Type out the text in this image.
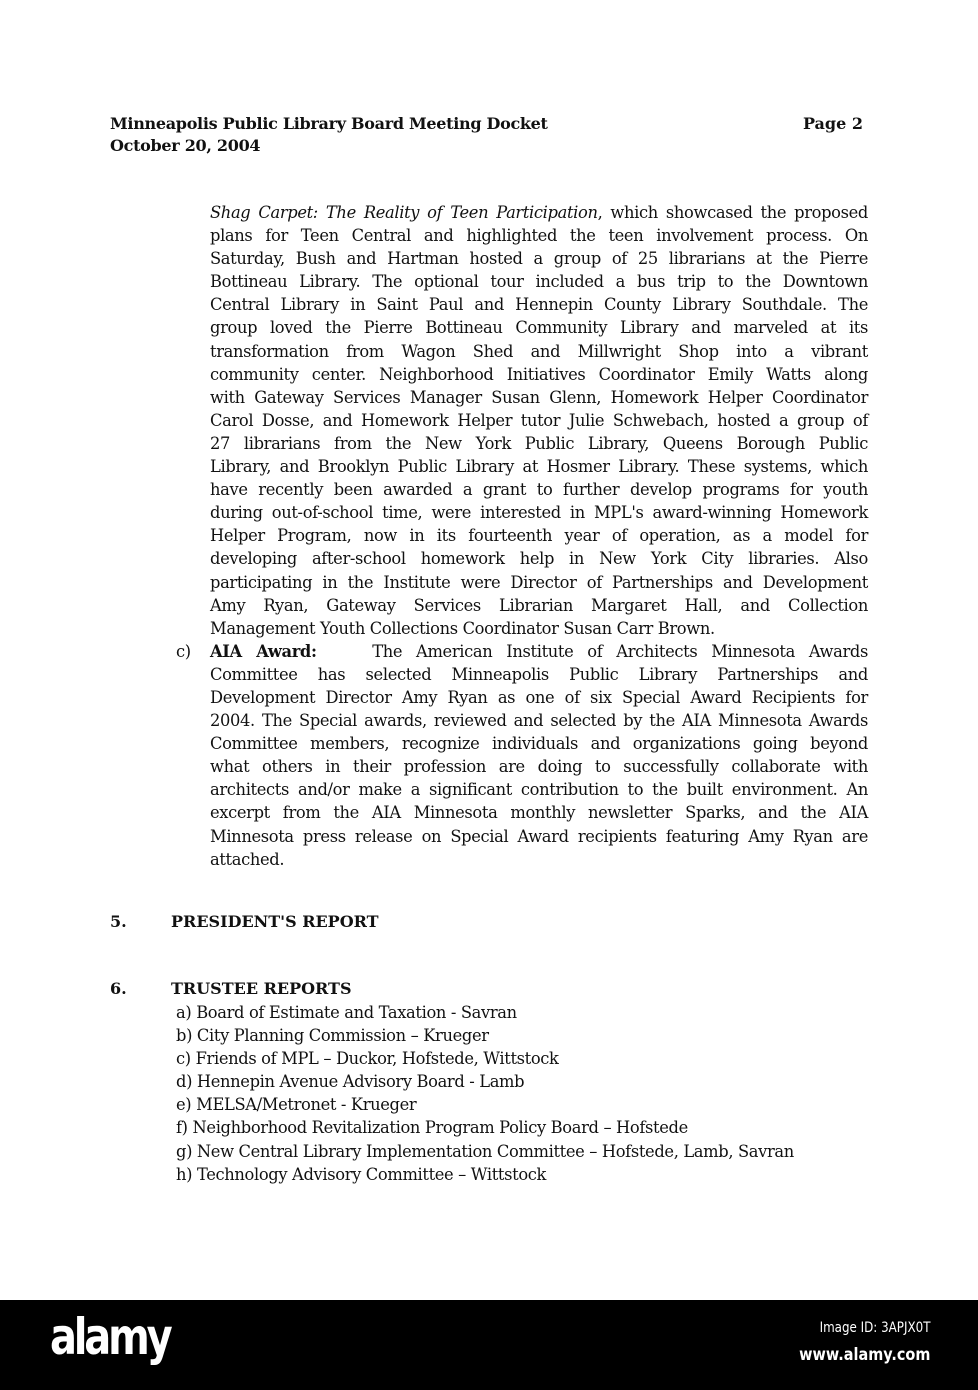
Minneapolis Public Library Board Meeting Docket
October 20, 2004
Page 2
Shag Carpet: The Reality of Teen Participation, which showcased the proposed
plans for Teen Central and highlighted the teen involvement process. On
Saturday, Bush and Hartman hosted a group of 25 librarians at the Pierre
Bottineau Library. The optional tour included a bus trip to the Downtown
Central Library in Saint Paul and Hennepin County Library Southdale. The
group loved the Pierre Bottineau Community Library and marveled at its
transformation from Wagon Shed and Millwright Shop into a vibrant
community center. Neighborhood Initiatives Coordinator Emily Watts along
with Gateway Services Manager Susan Glenn, Homework Helper Coordinator
Carol Dosse, and Homework Helper tutor Julie Schwebach, hosted a group of
27 librarians from the New York Public Library, Queens Borough Public
Library, and Brooklyn Public Library at Hosmer Library. These systems, which
have recently been awarded a grant to further develop programs for youth
during out-of-school time, were interested in MPL's award-winning Homework
Helper Program, now in its fourteenth year of operation, as a model for
developing after-school homework help in New York City libraries. Also
participating in the Institute were Director of Partnerships and Development
Amy Ryan, Gateway Services Librarian Margaret Hall, and Collection
Management Youth Collections Coordinator Susan Carr Brown.
c) AIA Award:	The American Institute of Architects Minnesota Awards
Committee has selected Minneapolis Public Library Partnerships and
Development Director Amy Ryan as one of six Special Award Recipients for
2004. The Special awards, reviewed and selected by the AIA Minnesota Awards
Committee members, recognize individuals and organizations going beyond
what others in their profession are doing to successfully collaborate with
architects and/or make a significant contribution to the built environment. An
excerpt from the AIA Minnesota monthly newsletter Sparks, and the AIA
Minnesota press release on Special Award recipients featuring Amy Ryan are
attached.
5.	PRESIDENT'S REPORT
6.	TRUSTEE REPORTS
a) Board of Estimate and Taxation - Savran
b) City Planning Commission – Krueger
c) Friends of MPL – Duckor, Hofstede, Wittstock
d) Hennepin Avenue Advisory Board - Lamb
e) MELSA/Metronet - Krueger
f) Neighborhood Revitalization Program Policy Board – Hofstede
g) New Central Library Implementation Committee – Hofstede, Lamb, Savran
h) Technology Advisory Committee – Wittstock
alamy	Image ID: 3APJX0T
www.alamy.com
